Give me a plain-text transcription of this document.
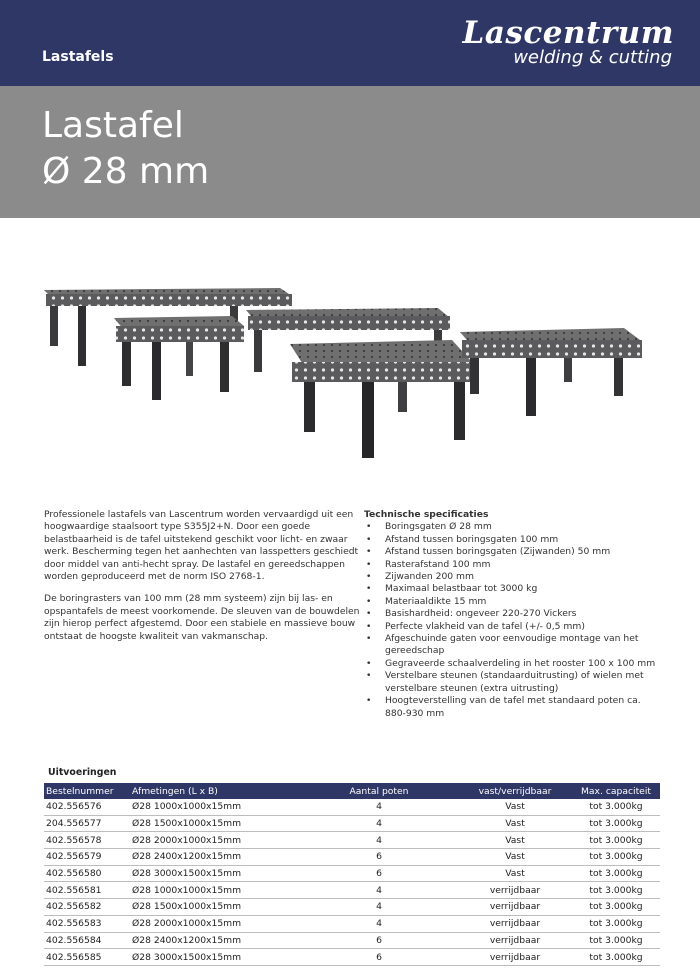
Lastafels
Lascentrum
welding & cutting
Lastafel
Ø 28 mm

Professionele lastafels van Lascentrum worden vervaardigd uit een hoogwaardige staalsoort type S355J2+N. Door een goede belastbaarheid is de tafel uitstekend geschikt voor licht- en zwaar werk. Bescherming tegen het aanhechten van lasspetters geschiedt door middel van anti-hecht spray. De lastafel en gereedschappen worden geproduceerd met de norm ISO 2768-1.

De boringrasters van 100 mm (28 mm systeem) zijn bij las- en opspantafels de meest voorkomende. De sleuven van de bouwdelen zijn hierop perfect afgestemd. Door een stabiele en massieve bouw ontstaat de hoogste kwaliteit van vakmanschap.

Technische specificaties
• Boringsgaten Ø 28 mm
• Afstand tussen boringsgaten 100 mm
• Afstand tussen boringsgaten (Zijwanden) 50 mm
• Rasterafstand 100 mm
• Zijwanden 200 mm
• Maximaal belastbaar tot 3000 kg
• Materiaaldikte 15 mm
• Basishardheid: ongeveer 220-270 Vickers
• Perfecte vlakheid van de tafel (+/- 0,5 mm)
• Afgeschuinde gaten voor eenvoudige montage van het gereedschap
• Gegraveerde schaalverdeling in het rooster 100 x 100 mm
• Verstelbare steunen (standaarduitrusting) of wielen met verstelbare steunen (extra uitrusting)
• Hoogteverstelling van de tafel met standaard poten ca. 880-930 mm
Uitvoeringen
Bestelnummer	Afmetingen (L x B)	Aantal poten	vast/verrijdbaar	Max. capaciteit
402.556576	Ø28 1000x1000x15mm	4	Vast	tot 3.000kg
204.556577	Ø28 1500x1000x15mm	4	Vast	tot 3.000kg
402.556578	Ø28 2000x1000x15mm	4	Vast	tot 3.000kg
402.556579	Ø28 2400x1200x15mm	6	Vast	tot 3.000kg
402.556580	Ø28 3000x1500x15mm	6	Vast	tot 3.000kg
402.556581	Ø28 1000x1000x15mm	4	verrijdbaar	tot 3.000kg
402.556582	Ø28 1500x1000x15mm	4	verrijdbaar	tot 3.000kg
402.556583	Ø28 2000x1000x15mm	4	verrijdbaar	tot 3.000kg
402.556584	Ø28 2400x1200x15mm	6	verrijdbaar	tot 3.000kg
402.556585	Ø28 3000x1500x15mm	6	verrijdbaar	tot 3.000kg
